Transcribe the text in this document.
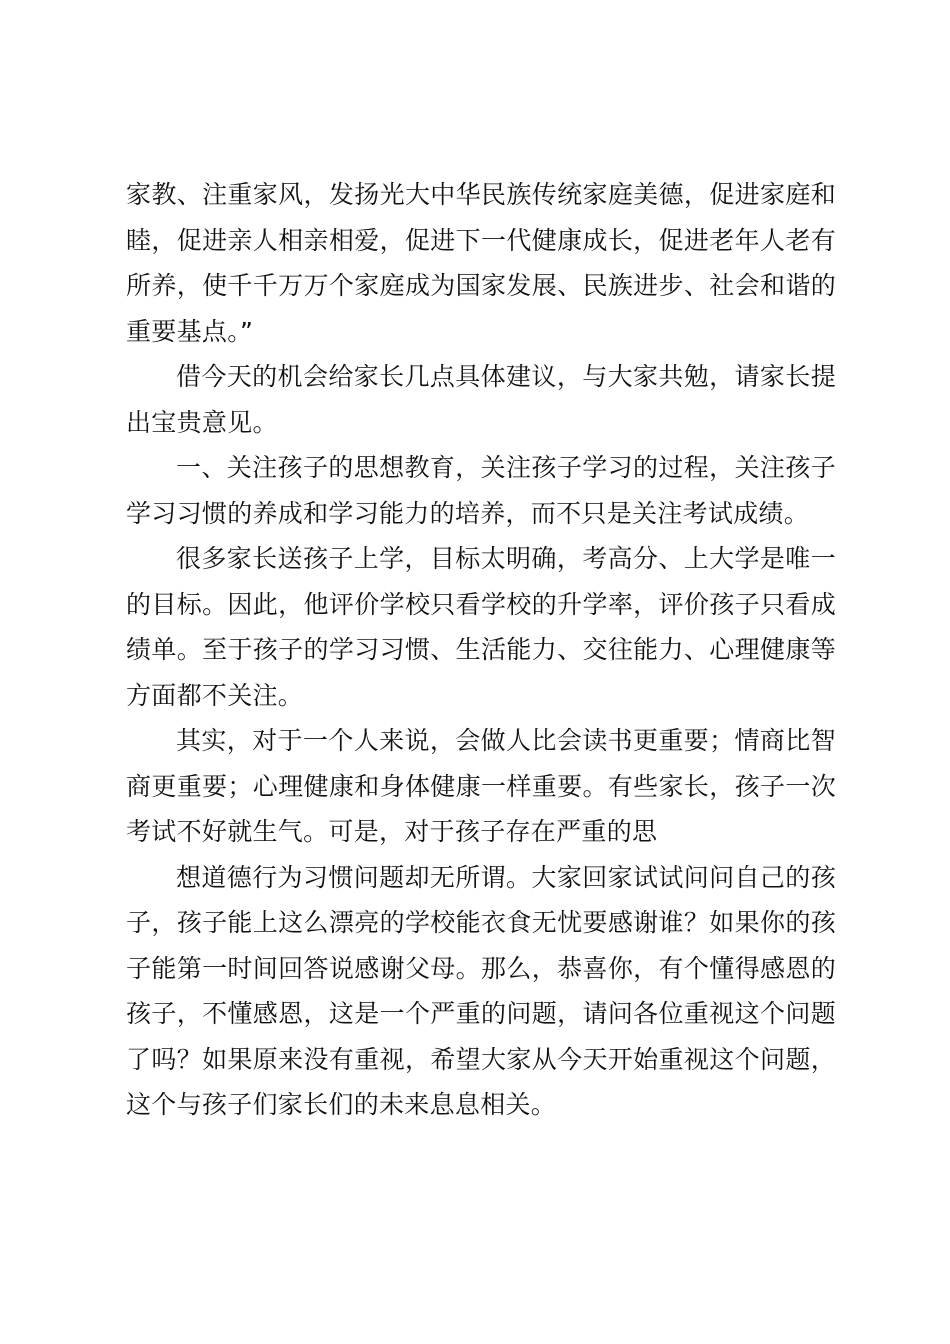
家教、注重家风，发扬光大中华民族传统家庭美德，促进家庭和睦，促进亲人相亲相爱，促进下一代健康成长，促进老年人老有所养，使千千万万个家庭成为国家发展、民族进步、社会和谐的重要基点。”

借今天的机会给家长几点具体建议，与大家共勉，请家长提出宝贵意见。

一、关注孩子的思想教育，关注孩子学习的过程，关注孩子学习习惯的养成和学习能力的培养，而不只是关注考试成绩。

很多家长送孩子上学，目标太明确，考高分、上大学是唯一的目标。因此，他评价学校只看学校的升学率，评价孩子只看成绩单。至于孩子的学习习惯、生活能力、交往能力、心理健康等方面都不关注。

其实，对于一个人来说，会做人比会读书更重要；情商比智商更重要；心理健康和身体健康一样重要。有些家长，孩子一次考试不好就生气。可是，对于孩子存在严重的思

想道德行为习惯问题却无所谓。大家回家试试问问自己的孩子，孩子能上这么漂亮的学校能衣食无忧要感谢谁？如果你的孩子能第一时间回答说感谢父母。那么，恭喜你，有个懂得感恩的孩子，不懂感恩，这是一个严重的问题，请问各位重视这个问题了吗？如果原来没有重视，希望大家从今天开始重视这个问题，这个与孩子们家长们的未来息息相关。
